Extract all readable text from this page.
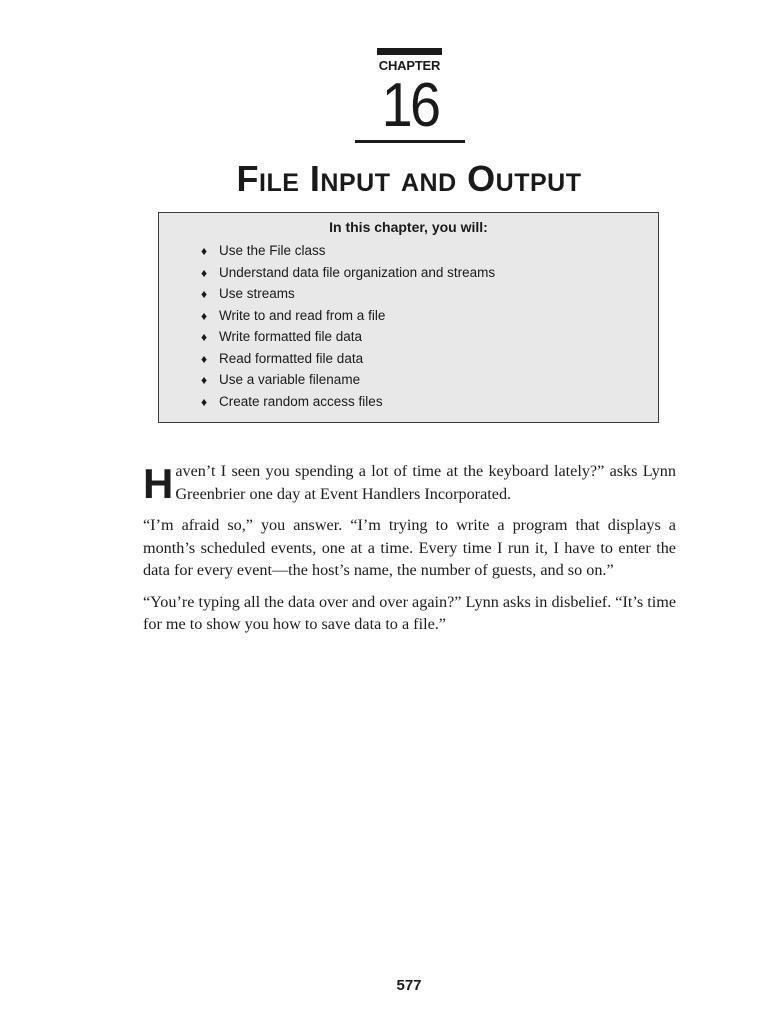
CHAPTER
16
File Input and Output
In this chapter, you will:
♦ Use the File class
♦ Understand data file organization and streams
♦ Use streams
♦ Write to and read from a file
♦ Write formatted file data
♦ Read formatted file data
♦ Use a variable filename
♦ Create random access files

Haven’t I seen you spending a lot of time at the keyboard lately?” asks Lynn Greenbrier one day at Event Handlers Incorporated.

“I’m afraid so,” you answer. “I’m trying to write a program that displays a month’s scheduled events, one at a time. Every time I run it, I have to enter the data for every event—the host’s name, the number of guests, and so on.”

“You’re typing all the data over and over again?” Lynn asks in disbelief. “It’s time for me to show you how to save data to a file.”

577
